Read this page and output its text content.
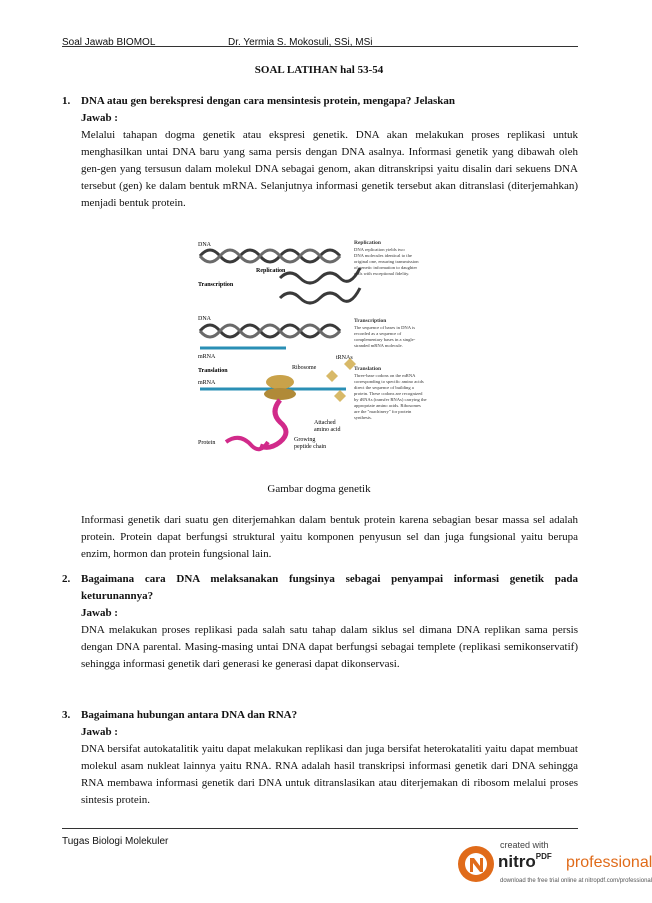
Soal Jawab BIOMOL	Dr. Yermia S. Mokosuli, SSi, MSi
SOAL LATIHAN hal 53-54
1. DNA atau gen berekspresi dengan cara mensintesis protein, mengapa? Jelaskan
Jawab :
Melalui tahapan dogma genetik atau ekspresi genetik. DNA akan melakukan proses replikasi untuk menghasilkan untai DNA baru yang sama persis dengan DNA asalnya. Informasi genetik yang dibawah oleh gen-gen yang tersusun dalam molekul DNA sebagai genom, akan ditranskripsi yaitu disalin dari sekuens DNA tersebut (gen) ke dalam bentuk mRNA. Selanjutnya informasi genetik tersebut akan ditranslasi (diterjemahkan) menjadi bentuk protein.
DNA
Replication
Transcription
DNA
mRNA
Translation
mRNA
Ribosome
tRNAs
Attached
amino acid
Protein	Growing
peptide chain
Replication
DNA replication yields two
DNA molecules identical to the
original one, ensuring transmission
of genetic information to daughter
cells with exceptional fidelity.
Transcription
The sequence of bases in DNA is
recorded as a sequence of
complementary bases in a single-
stranded mRNA molecule.
Translation
Three-base codons on the mRNA
corresponding to specific amino acids
direct the sequence of building a
protein. These codons are recognized
by tRNAs (transfer RNAs) carrying the
appropriate amino acids. Ribosomes
are the "machinery" for protein
synthesis.
Gambar dogma genetik
Informasi genetik dari suatu gen diterjemahkan dalam bentuk protein karena sebagian besar massa sel adalah protein. Protein dapat berfungsi struktural yaitu komponen penyusun sel dan juga fungsional yaitu berupa enzim, hormon dan protein fungsional lain.
2. Bagaimana cara DNA melaksanakan fungsinya sebagai penyampai informasi genetik pada keturunannya?
Jawab :
DNA melakukan proses replikasi pada salah satu tahap dalam siklus sel dimana DNA replikan sama persis dengan DNA parental. Masing-masing untai DNA dapat berfungsi sebagai templete (replikasi semikonservatif) sehingga informasi genetik dari generasi ke generasi dapat dikonservasi.
3. Bagaimana hubungan antara DNA dan RNA?
Jawab :
DNA bersifat autokatalitik yaitu dapat melakukan replikasi dan juga bersifat heterokataliti yaitu dapat membuat molekul asam nukleat lainnya yaitu RNA. RNA adalah hasil transkripsi informasi genetik dari DNA sehingga RNA membawa informasi genetik dari DNA untuk ditranslasikan atau diterjemakan di ribosom melalui proses sintesis protein.
Tugas Biologi Molekuler	created with
nitro$^{PDF}$ professional
download the free trial online at nitropdf.com/professional
